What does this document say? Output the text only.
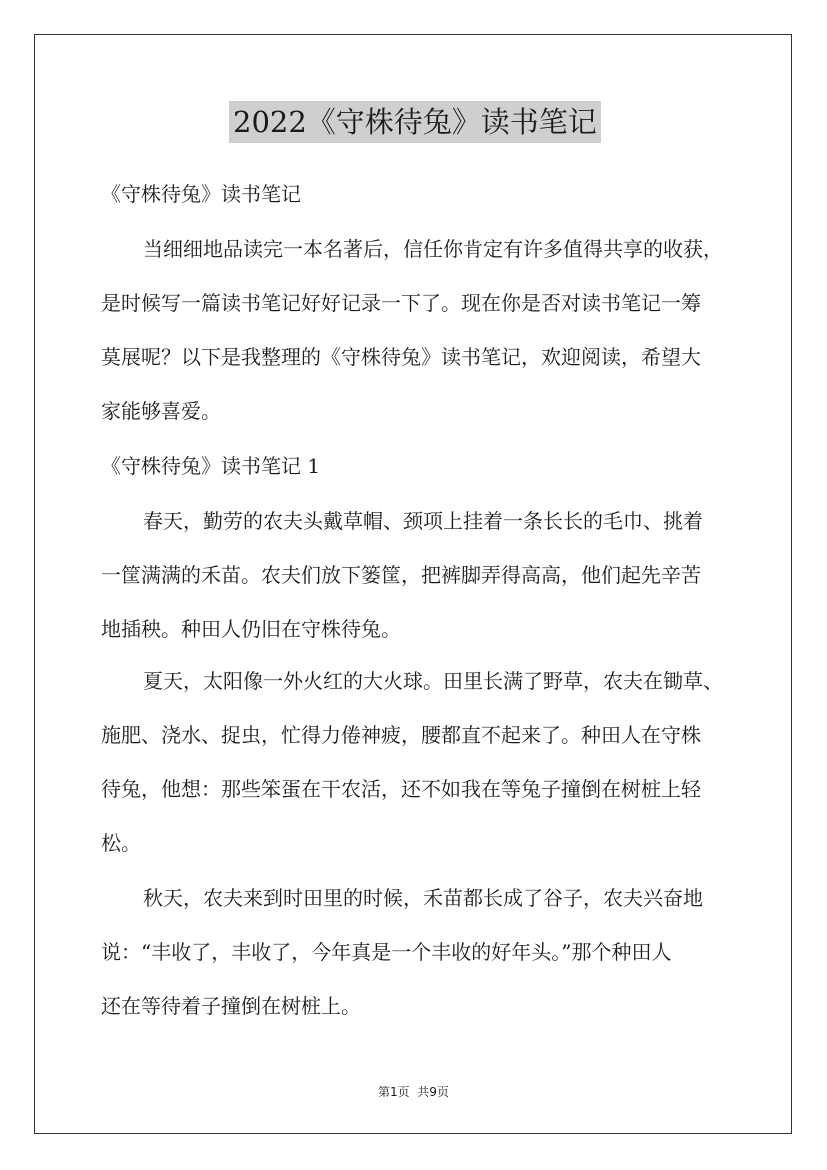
2022《守株待兔》读书笔记
《守株待兔》读书笔记
当细细地品读完一本名著后，信任你肯定有许多值得共享的收获，
是时候写一篇读书笔记好好记录一下了。现在你是否对读书笔记一筹
莫展呢？以下是我整理的《守株待兔》读书笔记，欢迎阅读，希望大
家能够喜爱。
《守株待兔》读书笔记 1
春天，勤劳的农夫头戴草帽、颈项上挂着一条长长的毛巾、挑着
一筐满满的禾苗。农夫们放下篓筐，把裤脚弄得高高，他们起先辛苦
地插秧。种田人仍旧在守株待兔。
夏天，太阳像一外火红的大火球。田里长满了野草，农夫在锄草、
施肥、浇水、捉虫，忙得力倦神疲，腰都直不起来了。种田人在守株
待兔，他想：那些笨蛋在干农活，还不如我在等兔子撞倒在树桩上轻
松。
秋天，农夫来到时田里的时候，禾苗都长成了谷子，农夫兴奋地
说：“丰收了，丰收了，今年真是一个丰收的好年头。”那个种田人
还在等待着子撞倒在树桩上。
第1页  共9页
